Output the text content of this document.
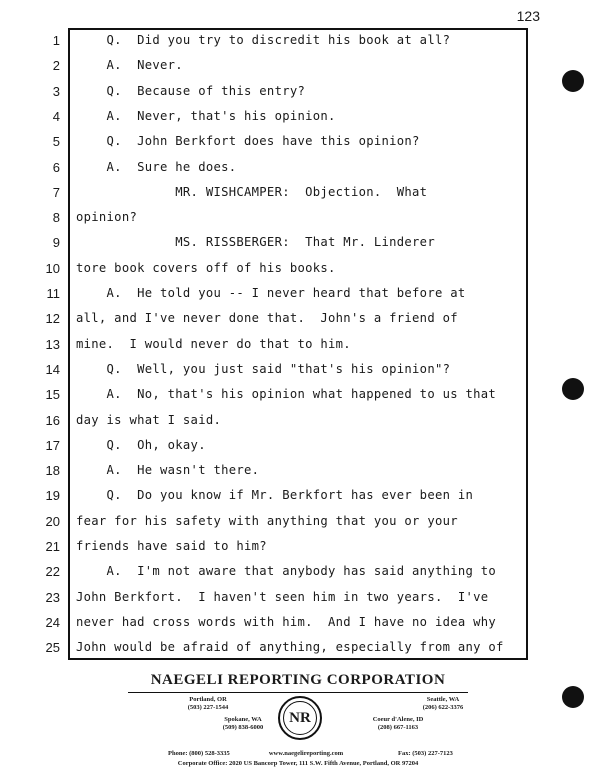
123
1
2
3
4
5
6
7
8
9
10
11
12
13
14
15
16
17
18
19
20
21
22
23
24
25
Q.  Did you try to discredit his book at all?
A.  Never.
Q.  Because of this entry?
A.  Never, that's his opinion.
Q.  John Berkfort does have this opinion?
A.  Sure he does.
MR. WISHCAMPER:  Objection.  What
opinion?
MS. RISSBERGER:  That Mr. Linderer
tore book covers off of his books.
A.  He told you -- I never heard that before at
all, and I've never done that.  John's a friend of
mine.  I would never do that to him.
Q.  Well, you just said "that's his opinion"?
A.  No, that's his opinion what happened to us that
day is what I said.
Q.  Oh, okay.
A.  He wasn't there.
Q.  Do you know if Mr. Berkfort has ever been in
fear for his safety with anything that you or your
friends have said to him?
A.  I'm not aware that anybody has said anything to
John Berkfort.  I haven't seen him in two years.  I've
never had cross words with him.  And I have no idea why
John would be afraid of anything, especially from any of
NAEGELI REPORTING CORPORATION
Portland, OR
(503) 227-1544
Seattle, WA
(206) 622-3376
Spokane, WA
(509) 838-6000
Coeur d'Alene, ID
(208) 667-1163
NR
Phone: (800) 528-3335	www.naegelireporting.com	Fax: (503) 227-7123
Corporate Office: 2020 US Bancorp Tower, 111 S.W. Fifth Avenue, Portland, OR 97204
